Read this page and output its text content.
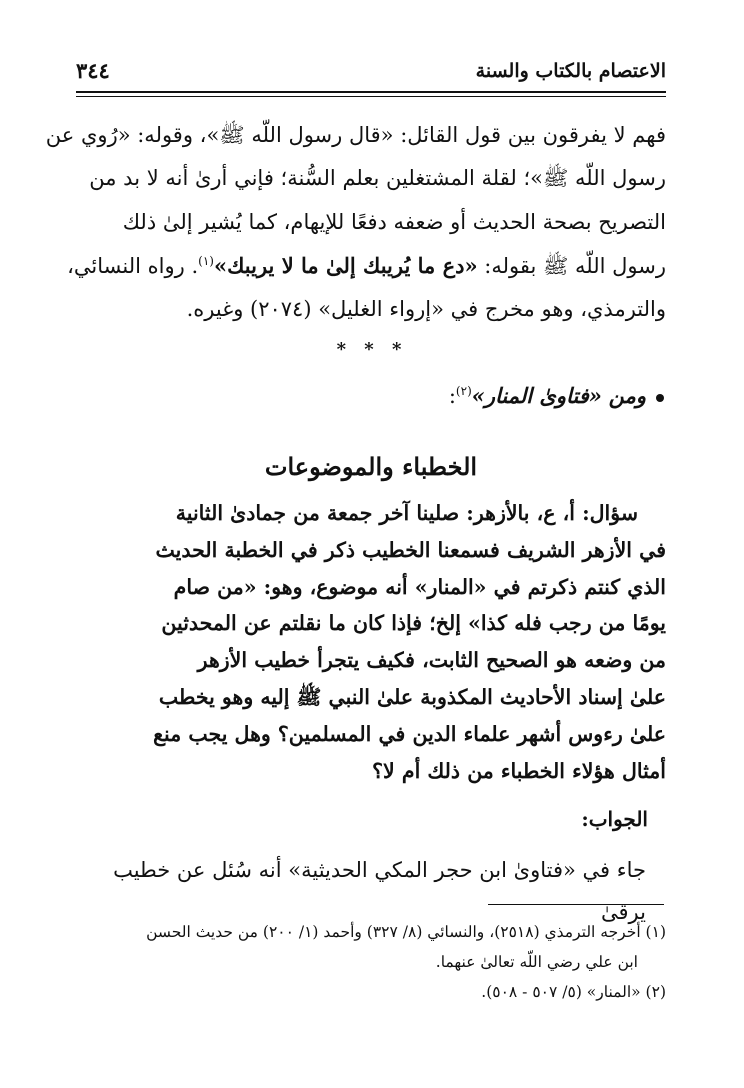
الاعتصام بالكتاب والسنة
٣٤٤
فهم لا يفرقون بين قول القائل: «قال رسول اللّه ﷺ»، وقوله: «رُوي عن
رسول اللّه ﷺ»؛ لقلة المشتغلين بعلم السُّنة؛ فإني أرىٰ أنه لا بد من
التصريح بصحة الحديث أو ضعفه دفعًا للإيهام، كما يُشير إلىٰ ذلك
رسول اللّه ﷺ بقوله: «دع ما يُريبك إلىٰ ما لا يريبك»$^{(١)}$. رواه النسائي،
والترمذي، وهو مخرج في «إرواء الغليل» (٢٠٧٤) وغيره.
* * *
ومن «فتاوىٰ المنار»$^{(٢)}$:
الخطباء والموضوعات
سؤال: أ، ع، بالأزهر: صلينا آخر جمعة من جمادىٰ الثانية
في الأزهر الشريف فسمعنا الخطيب ذكر في الخطبة الحديث
الذي كنتم ذكرتم في «المنار» أنه موضوع، وهو: «من صام
يومًا من رجب فله كذا» إلخ؛ فإذا كان ما نقلتم عن المحدثين
من وضعه هو الصحيح الثابت، فكيف يتجرأ خطيب الأزهر
علىٰ إسناد الأحاديث المكذوبة علىٰ النبي ﷺ إليه وهو يخطب
علىٰ رءوس أشهر علماء الدين في المسلمين؟ وهل يجب منع
أمثال هؤلاء الخطباء من ذلك أم لا؟
الجواب:
جاء في «فتاوىٰ ابن حجر المكي الحديثية» أنه سُئل عن خطيب يرقىٰ
(١) أخرجه الترمذي (٢٥١٨)، والنسائي (٨/ ٣٢٧) وأحمد (١/ ٢٠٠) من حديث الحسن
ابن علي رضي اللّه تعالىٰ عنهما.
(٢) «المنار» (٥/ ٥٠٧ - ٥٠٨).
